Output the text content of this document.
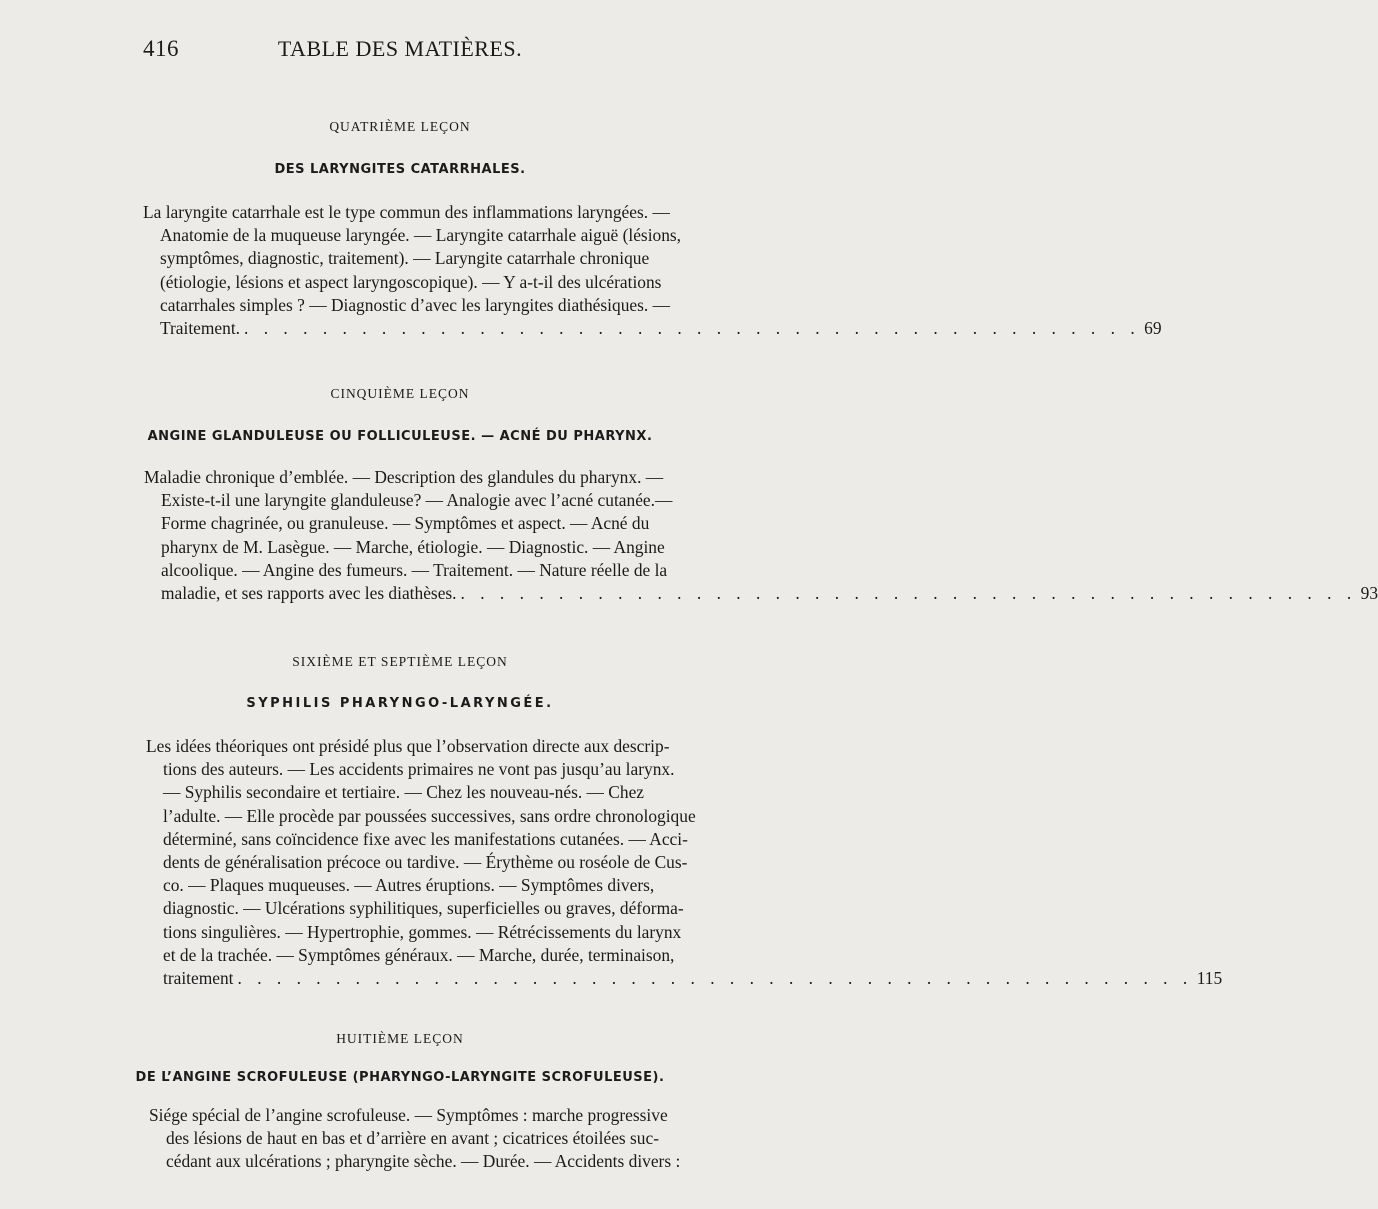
416	TABLE DES MATIÈRES.
QUATRIÈME LEÇON
DES LARYNGITES CATARRHALES.
La laryngite catarrhale est le type commun des inflammations laryngées. —
Anatomie de la muqueuse laryngée. — Laryngite catarrhale aiguë (lésions,
symptômes, diagnostic, traitement). — Laryngite catarrhale chronique
(étiologie, lésions et aspect laryngoscopique). — Y a-t-il des ulcérations
catarrhales simples ? — Diagnostic d’avec les laryngites diathésiques. —
Traitement. . . . . . . . . . . . . . . . . . . . . . . . . . . . . . . . . . . . . . . . . . . . . . . 69
CINQUIÈME LEÇON
ANGINE GLANDULEUSE OU FOLLICULEUSE. — ACNÉ DU PHARYNX.
Maladie chronique d’emblée. — Description des glandules du pharynx. —
Existe-t-il une laryngite glanduleuse? — Analogie avec l’acné cutanée.—
Forme chagrinée, ou granuleuse. — Symptômes et aspect. — Acné du
pharynx de M. Lasègue. — Marche, étiologie. — Diagnostic. — Angine
alcoolique. — Angine des fumeurs. — Traitement. — Nature réelle de la
maladie, et ses rapports avec les diathèses. . . . . . . . . . . . . . . . . . . . . . . . . . . . . . . . . . . . . . . . . . . . . . . 93
SIXIÈME ET SEPTIÈME LEÇON
SYPHILIS PHARYNGO-LARYNGÉE.
Les idées théoriques ont présidé plus que l’observation directe aux descrip-
tions des auteurs. — Les accidents primaires ne vont pas jusqu’au larynx.
— Syphilis secondaire et tertiaire. — Chez les nouveau-nés. — Chez
l’adulte. — Elle procède par poussées successives, sans ordre chronologique
déterminé, sans coïncidence fixe avec les manifestations cutanées. — Acci-
dents de généralisation précoce ou tardive. — Érythème ou roséole de Cus-
co. — Plaques muqueuses. — Autres éruptions. — Symptômes divers,
diagnostic. — Ulcérations syphilitiques, superficielles ou graves, déforma-
tions singulières. — Hypertrophie, gommes. — Rétrécissements du larynx
et de la trachée. — Symptômes généraux. — Marche, durée, terminaison,
traitement . . . . . . . . . . . . . . . . . . . . . . . . . . . . . . . . . . . . . . . . . . . . . . . . . 115
HUITIÈME LEÇON
DE L’ANGINE SCROFULEUSE (PHARYNGO-LARYNGITE SCROFULEUSE).
Siége spécial de l’angine scrofuleuse. — Symptômes : marche progressive
des lésions de haut en bas et d’arrière en avant ; cicatrices étoilées suc-
cédant aux ulcérations ; pharyngite sèche. — Durée. — Accidents divers :
